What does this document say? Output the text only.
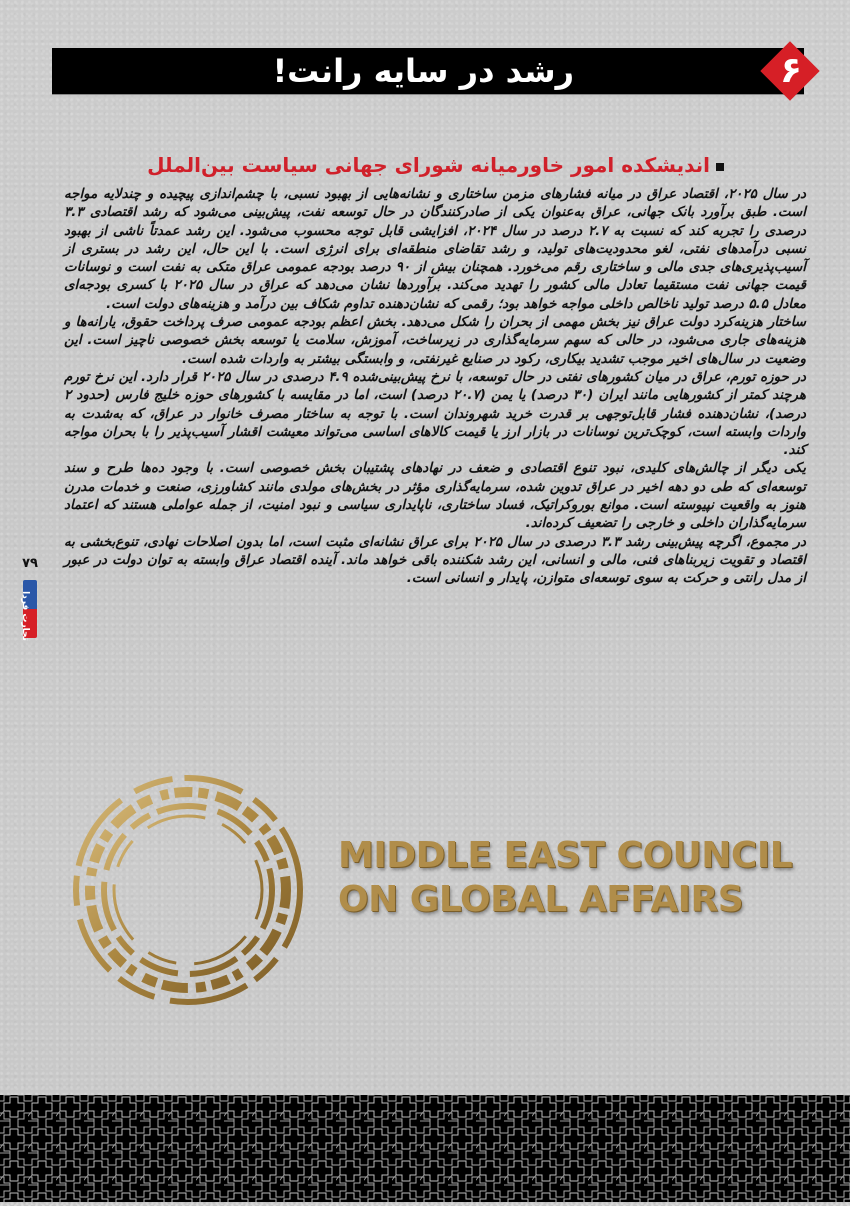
رشد در سایه رانت!	۶
اندیشکده امور خاورمیانه شورای جهانی سیاست بین‌الملل

در سال ۲۰۲۵، اقتصاد عراق در میانه فشارهای مزمن ساختاری و نشانه‌هایی از بهبود نسبی، با چشم‌اندازی پیچیده و چندلایه مواجه است. طبق برآورد بانک جهانی، عراق به‌عنوان یکی از صادرکنندگان در حال توسعه نفت، پیش‌بینی می‌شود که رشد اقتصادی ۳.۳ درصدی را تجربه کند که نسبت به ۲.۷ درصد در سال ۲۰۲۴، افزایشی قابل توجه محسوب می‌شود. این رشد عمدتاً ناشی از بهبود نسبی درآمدهای نفتی، لغو محدودیت‌های تولید، و رشد تقاضای منطقه‌ای برای انرژی است. با این حال، این رشد در بستری از آسیب‌پذیری‌های جدی مالی و ساختاری رقم می‌خورد. همچنان بیش از ۹۰ درصد بودجه عمومی عراق متکی به نفت است و نوسانات قیمت جهانی نفت مستقیما تعادل مالی کشور را تهدید می‌کند. برآوردها نشان می‌دهد که عراق در سال ۲۰۲۵ با کسری بودجه‌ای معادل ۵.۵ درصد تولید ناخالص داخلی مواجه خواهد بود؛ رقمی که نشان‌دهنده تداوم شکاف بین درآمد و هزینه‌های دولت است.

ساختار هزینه‌کرد دولت عراق نیز بخش مهمی از بحران را شکل می‌دهد. بخش اعظم بودجه عمومی صرف پرداخت حقوق، یارانه‌ها و هزینه‌های جاری می‌شود، در حالی که سهم سرمایه‌گذاری در زیرساخت، آموزش، سلامت یا توسعه بخش خصوصی ناچیز است. این وضعیت در سال‌های اخیر موجب تشدید بیکاری، رکود در صنایع غیرنفتی، و وابستگی بیشتر به واردات شده است.

در حوزه تورم، عراق در میان کشورهای نفتی در حال توسعه، با نرخ پیش‌بینی‌شده ۴.۹ درصدی در سال ۲۰۲۵ قرار دارد. این نرخ تورم هرچند کمتر از کشورهایی مانند ایران (۳۰ درصد) یا یمن (۲۰.۷ درصد) است، اما در مقایسه با کشورهای حوزه خلیج فارس (حدود ۲ درصد)، نشان‌دهنده فشار قابل‌توجهی بر قدرت خرید شهروندان است. با توجه به ساختار مصرف خانوار در عراق، که به‌شدت به واردات وابسته است، کوچک‌ترین نوسانات در بازار ارز یا قیمت کالاهای اساسی می‌تواند معیشت اقشار آسیب‌پذیر را با بحران مواجه کند.

یکی دیگر از چالش‌های کلیدی، نبود تنوع اقتصادی و ضعف در نهادهای پشتیبان بخش خصوصی است. با وجود ده‌ها طرح و سند توسعه‌ای که طی دو دهه اخیر در عراق تدوین شده، سرمایه‌گذاری مؤثر در بخش‌های مولدی مانند کشاورزی، صنعت و خدمات مدرن هنوز به واقعیت نپیوسته است. موانع بوروکراتیک، فساد ساختاری، ناپایداری سیاسی و نبود امنیت، از جمله عواملی هستند که اعتماد سرمایه‌گذاران داخلی و خارجی را تضعیف کرده‌اند.

در مجموع، اگرچه پیش‌بینی رشد ۳.۳ درصدی در سال ۲۰۲۵ برای عراق نشانه‌ای مثبت است، اما بدون اصلاحات نهادی، تنوع‌بخشی به اقتصاد و تقویت زیربناهای فنی، مالی و انسانی، این رشد شکننده باقی خواهد ماند. آینده اقتصاد عراق وابسته به توان دولت در عبور از مدل رانتی و حرکت به سوی توسعه‌ای متوازن، پایدار و انسانی است.

۷۹
تجارت فردا
MIDDLE EAST COUNCIL
ON GLOBAL AFFAIRS
